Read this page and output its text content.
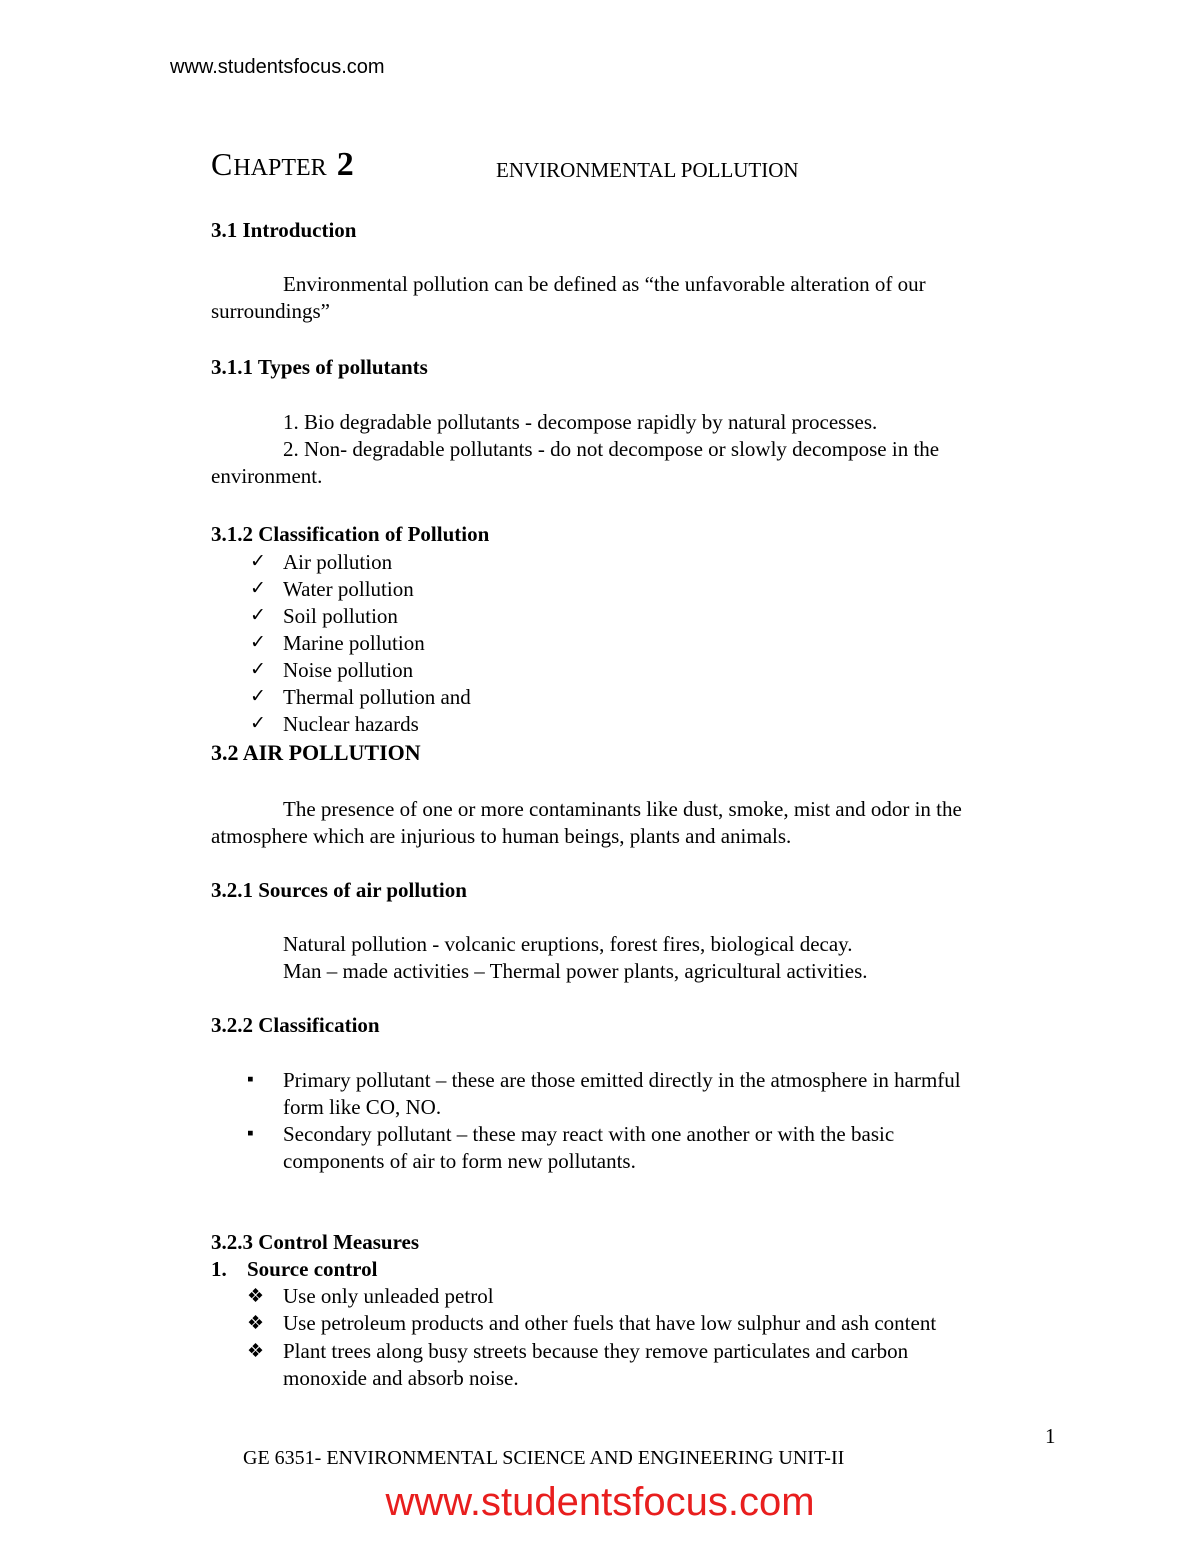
www.studentsfocus.com
CHAPTER 2	ENVIRONMENTAL POLLUTION
3.1 Introduction
Environmental pollution can be defined as “the unfavorable alteration of our
surroundings”
3.1.1 Types of pollutants
1. Bio degradable pollutants - decompose rapidly by natural processes.
2. Non- degradable pollutants - do not decompose or slowly decompose in the
environment.
3.1.2 Classification of Pollution
✓ Air pollution
✓ Water pollution
✓ Soil pollution
✓ Marine pollution
✓ Noise pollution
✓ Thermal pollution and
✓ Nuclear hazards
3.2 AIR POLLUTION
The presence of one or more contaminants like dust, smoke, mist and odor in the
atmosphere which are injurious to human beings, plants and animals.
3.2.1 Sources of air pollution
Natural pollution - volcanic eruptions, forest fires, biological decay.
Man – made activities – Thermal power plants, agricultural activities.
3.2.2 Classification
▪ Primary pollutant – these are those emitted directly in the atmosphere in harmful
form like CO, NO.
▪ Secondary pollutant – these may react with one another or with the basic
components of air to form new pollutants.
3.2.3 Control Measures
1. Source control
❖ Use only unleaded petrol
❖ Use petroleum products and other fuels that have low sulphur and ash content
❖ Plant trees along busy streets because they remove particulates and carbon
monoxide and absorb noise.
1
GE 6351- ENVIRONMENTAL SCIENCE AND ENGINEERING UNIT-II
www.studentsfocus.com
